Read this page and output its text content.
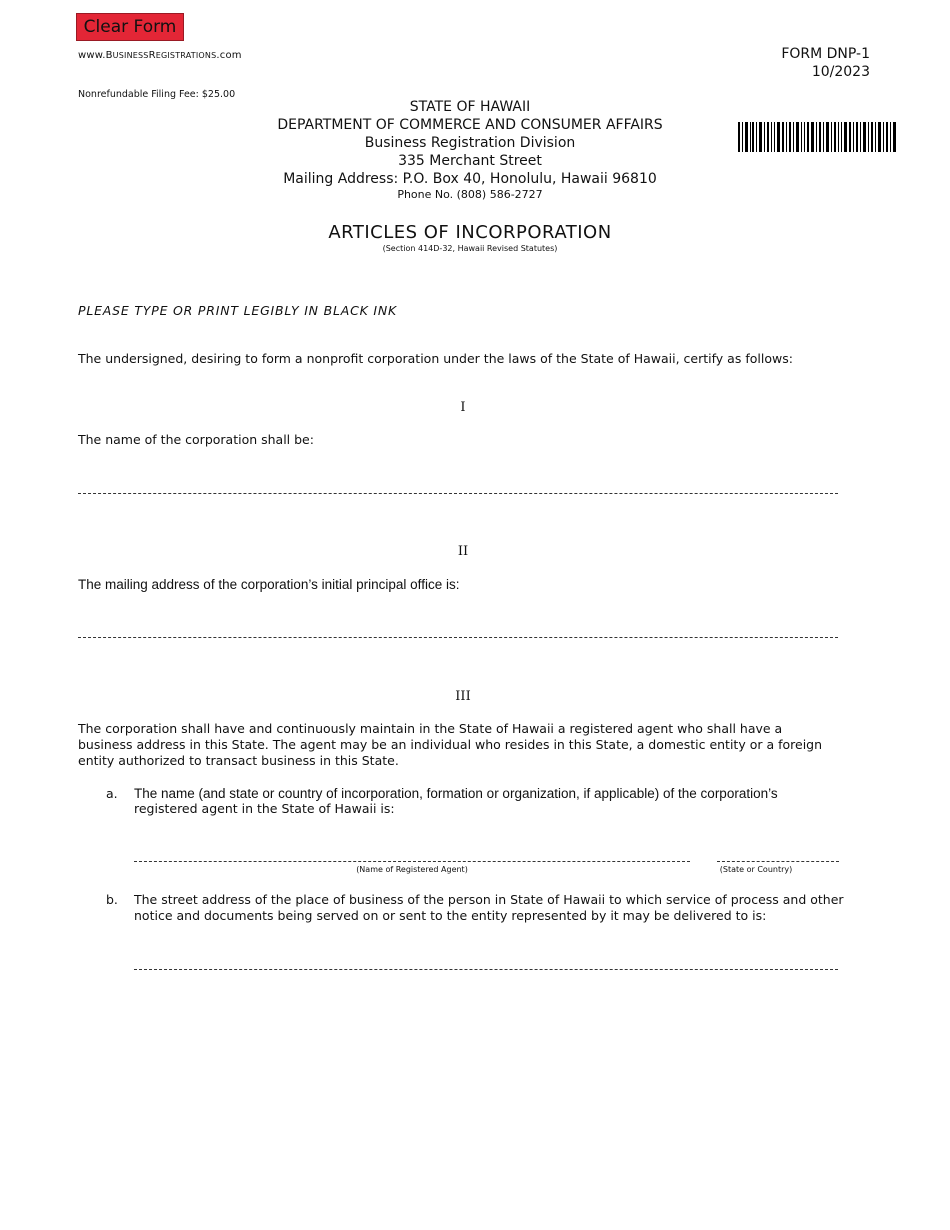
Clear Form
www.BusinessRegistrations.com	FORM DNP-1
10/2023
Nonrefundable Filing Fee: $25.00
STATE OF HAWAII
DEPARTMENT OF COMMERCE AND CONSUMER AFFAIRS
Business Registration Division
335 Merchant Street
Mailing Address: P.O. Box 40, Honolulu, Hawaii 96810
Phone No. (808) 586-2727
ARTICLES OF INCORPORATION
(Section 414D-32, Hawaii Revised Statutes)
PLEASE TYPE OR PRINT LEGIBLY IN BLACK INK
The undersigned, desiring to form a nonprofit corporation under the laws of the State of Hawaii, certify as follows:
I
The name of the corporation shall be:
II
The mailing address of the corporation’s initial principal office is:
III
The corporation shall have and continuously maintain in the State of Hawaii a registered agent who shall have a business address in this State. The agent may be an individual who resides in this State, a domestic entity or a foreign entity authorized to transact business in this State.
a. The name (and state or country of incorporation, formation or organization, if applicable) of the corporation’s
registered agent in the State of Hawaii is:
(Name of Registered Agent)	(State or Country)
b. The street address of the place of business of the person in State of Hawaii to which service of process and other notice and documents being served on or sent to the entity represented by it may be delivered to is:
